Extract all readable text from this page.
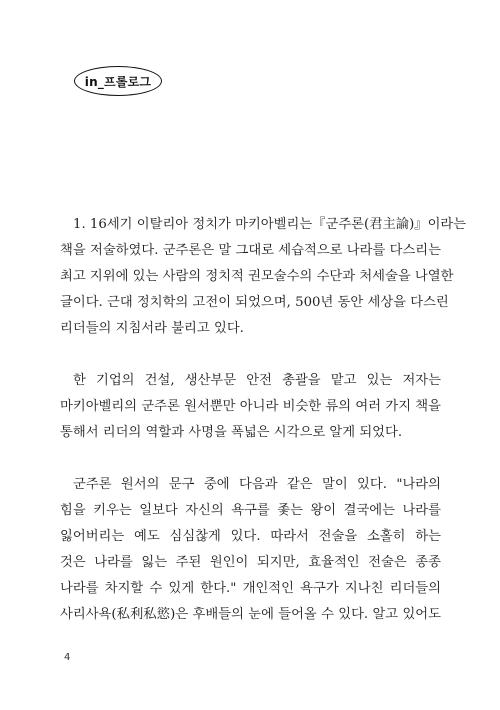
in_프롤로그
1. 16세기 이탈리아 정치가 마키아벨리는『군주론(君主論)』이라는
책을 저술하였다. 군주론은 말 그대로 세습적으로 나라를 다스리는
최고 지위에 있는 사람의 정치적 권모술수의 수단과 처세술을 나열한
글이다. 근대 정치학의 고전이 되었으며, 500년 동안 세상을 다스린
리더들의 지침서라 불리고 있다.
한 기업의 건설, 생산부문 안전 총괄을 맡고 있는 저자는
마키아벨리의 군주론 원서뿐만 아니라 비슷한 류의 여러 가지 책을
통해서 리더의 역할과 사명을 폭넓은 시각으로 알게 되었다.
군주론 원서의 문구 중에 다음과 같은 말이 있다. "나라의
힘을 키우는 일보다 자신의 욕구를 좇는 왕이 결국에는 나라를
잃어버리는 예도 심심찮게 있다. 따라서 전술을 소홀히 하는
것은 나라를 잃는 주된 원인이 되지만, 효율적인 전술은 종종
나라를 차지할 수 있게 한다." 개인적인 욕구가 지나친 리더들의
사리사욕(私利私慾)은 후배들의 눈에 들어올 수 있다. 알고 있어도
4
